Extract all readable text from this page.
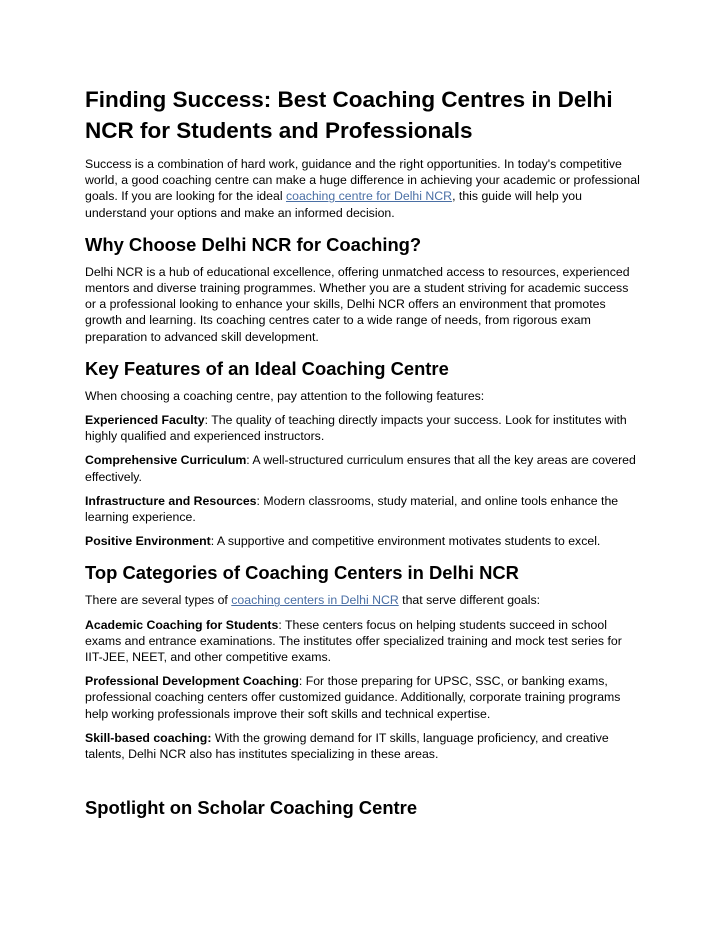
Finding Success: Best Coaching Centres in Delhi NCR for Students and Professionals

Success is a combination of hard work, guidance and the right opportunities. In today's competitive world, a good coaching centre can make a huge difference in achieving your academic or professional goals. If you are looking for the ideal coaching centre for Delhi NCR, this guide will help you understand your options and make an informed decision.

Why Choose Delhi NCR for Coaching?

Delhi NCR is a hub of educational excellence, offering unmatched access to resources, experienced mentors and diverse training programmes. Whether you are a student striving for academic success or a professional looking to enhance your skills, Delhi NCR offers an environment that promotes growth and learning. Its coaching centres cater to a wide range of needs, from rigorous exam preparation to advanced skill development.

Key Features of an Ideal Coaching Centre

When choosing a coaching centre, pay attention to the following features:

Experienced Faculty: The quality of teaching directly impacts your success. Look for institutes with highly qualified and experienced instructors.

Comprehensive Curriculum: A well-structured curriculum ensures that all the key areas are covered effectively.

Infrastructure and Resources: Modern classrooms, study material, and online tools enhance the learning experience.

Positive Environment: A supportive and competitive environment motivates students to excel.

Top Categories of Coaching Centers in Delhi NCR

There are several types of coaching centers in Delhi NCR that serve different goals:

Academic Coaching for Students: These centers focus on helping students succeed in school exams and entrance examinations. The institutes offer specialized training and mock test series for IIT-JEE, NEET, and other competitive exams.

Professional Development Coaching: For those preparing for UPSC, SSC, or banking exams, professional coaching centers offer customized guidance. Additionally, corporate training programs help working professionals improve their soft skills and technical expertise.

Skill-based coaching: With the growing demand for IT skills, language proficiency, and creative talents, Delhi NCR also has institutes specializing in these areas.

Spotlight on Scholar Coaching Centre
